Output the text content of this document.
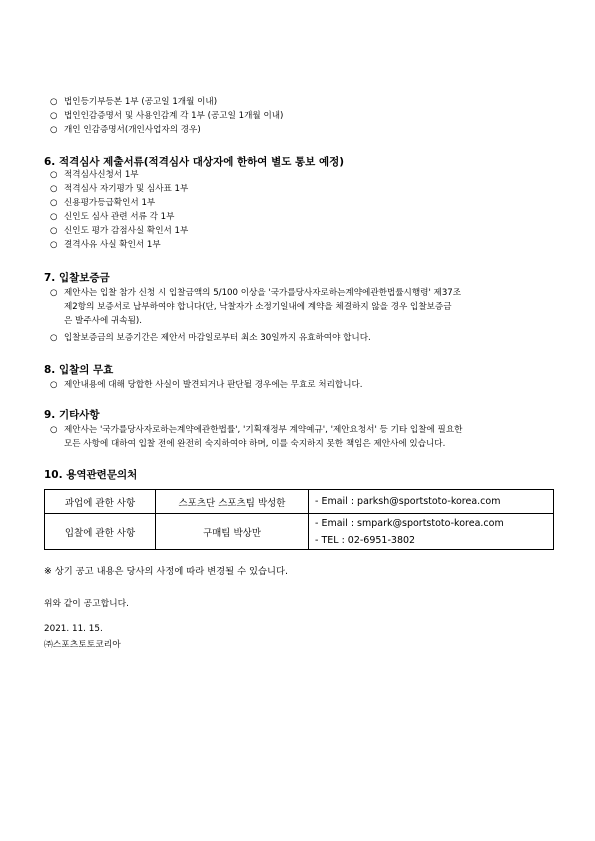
○ 법인등기부등본 1부 (공고일 1개월 이내)
○ 법인인감증명서 및 사용인감계 각 1부 (공고일 1개월 이내)
○ 개인 인감증명서(개인사업자의 경우)
6. 적격심사 제출서류(적격심사 대상자에 한하여 별도 통보 예정)
○ 적격심사신청서 1부
○ 적격심사 자기평가 및 심사표 1부
○ 신용평가등급확인서 1부
○ 신인도 심사 관련 서류 각 1부
○ 신인도 평가 감점사실 확인서 1부
○ 결격사유 사실 확인서 1부
7. 입찰보증금
○ 제안사는 입찰 참가 신청 시 입찰금액의 5/100 이상을 '국가를당사자로하는계약에관한법률시행령' 제37조
제2항의 보증서로 납부하여야 합니다(단, 낙찰자가 소정기일내에 계약을 체결하지 않을 경우 입찰보증금
은 발주사에 귀속됨).
○ 입찰보증금의 보증기간은 제안서 마감일로부터 최소 30일까지 유효하여야 합니다.
8. 입찰의 무효
○ 제안내용에 대해 당합한 사실이 발견되거나 판단될 경우에는 무효로 처리합니다.
9. 기타사항
○ 제안사는 '국가를당사자로하는계약에관한법률', '기획재정부 계약예규', '제안요청서' 등 기타 입찰에 필요한
모든 사항에 대하여 입찰 전에 완전히 숙지하여야 하며, 이를 숙지하지 못한 책임은 제안사에 있습니다.
10. 용역관련문의처
과업에 관한 사항	스포츠단 스포츠팀 박성한	- Email : parksh@sportstoto-korea.com

입찰에 관한 사항	구매팀 박상만	- Email : smpark@sportstoto-korea.com
- TEL : 02-6951-3802
※ 상기 공고 내용은 당사의 사정에 따라 변경될 수 있습니다.
위와 같이 공고합니다.
2021. 11. 15.
㈜스포츠토토코리아
